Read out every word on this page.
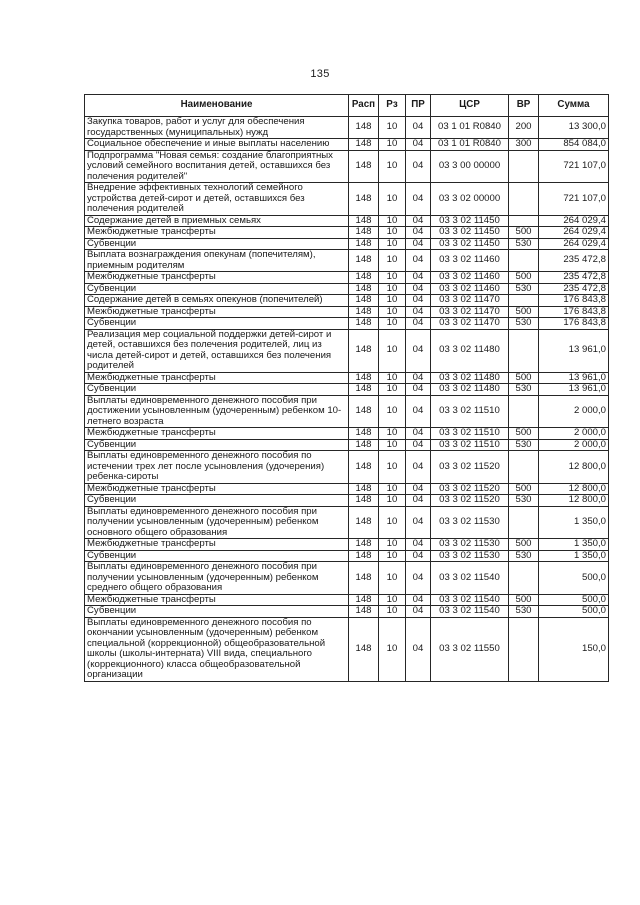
135
Наименование	Расп	Рз	ПР	ЦСР	ВР	Сумма
Закупка товаров, работ и услуг для обеспечения государственных (муниципальных) нужд	148	10	04	03 1 01 R0840	200	13 300,0
Социальное обеспечение и иные выплаты населению	148	10	04	03 1 01 R0840	300	854 084,0
Подпрограмма "Новая семья: создание благоприятных условий семейного воспитания детей, оставшихся без полечения родителей"	148	10	04	03 3 00 00000		721 107,0
Внедрение эффективных технологий семейного устройства детей-сирот и детей, оставшихся без полечения родителей	148	10	04	03 3 02 00000		721 107,0
Содержание детей в приемных семьях	148	10	04	03 3 02 11450		264 029,4
Межбюджетные трансферты	148	10	04	03 3 02 11450	500	264 029,4
Субвенции	148	10	04	03 3 02 11450	530	264 029,4
Выплата вознаграждения опекунам (попечителям), приемным родителям	148	10	04	03 3 02 11460		235 472,8
Межбюджетные трансферты	148	10	04	03 3 02 11460	500	235 472,8
Субвенции	148	10	04	03 3 02 11460	530	235 472,8
Содержание детей в семьях опекунов (попечителей)	148	10	04	03 3 02 11470		176 843,8
Межбюджетные трансферты	148	10	04	03 3 02 11470	500	176 843,8
Субвенции	148	10	04	03 3 02 11470	530	176 843,8
Реализация мер социальной поддержки детей-сирот и детей, оставшихся без полечения родителей, лиц из числа детей-сирот и детей, оставшихся без полечения родителей	148	10	04	03 3 02 11480		13 961,0
Межбюджетные трансферты	148	10	04	03 3 02 11480	500	13 961,0
Субвенции	148	10	04	03 3 02 11480	530	13 961,0
Выплаты единовременного денежного пособия при достижении усыновленным (удочеренным) ребенком 10-летнего возраста	148	10	04	03 3 02 11510		2 000,0
Межбюджетные трансферты	148	10	04	03 3 02 11510	500	2 000,0
Субвенции	148	10	04	03 3 02 11510	530	2 000,0
Выплаты единовременного денежного пособия по истечении трех лет после усыновления (удочерения) ребенка-сироты	148	10	04	03 3 02 11520		12 800,0
Межбюджетные трансферты	148	10	04	03 3 02 11520	500	12 800,0
Субвенции	148	10	04	03 3 02 11520	530	12 800,0
Выплаты единовременного денежного пособия при получении усыновленным (удочеренным) ребенком основного общего образования	148	10	04	03 3 02 11530		1 350,0
Межбюджетные трансферты	148	10	04	03 3 02 11530	500	1 350,0
Субвенции	148	10	04	03 3 02 11530	530	1 350,0
Выплаты единовременного денежного пособия при получении усыновленным (удочеренным) ребенком среднего общего образования	148	10	04	03 3 02 11540		500,0
Межбюджетные трансферты	148	10	04	03 3 02 11540	500	500,0
Субвенции	148	10	04	03 3 02 11540	530	500,0
Выплаты единовременного денежного пособия по окончании усыновленным (удочеренным) ребенком специальной (коррекционной) общеобразовательной школы (школы-интерната) VIII вида, специального (коррекционного) класса общеобразовательной организации	148	10	04	03 3 02 11550		150,0
